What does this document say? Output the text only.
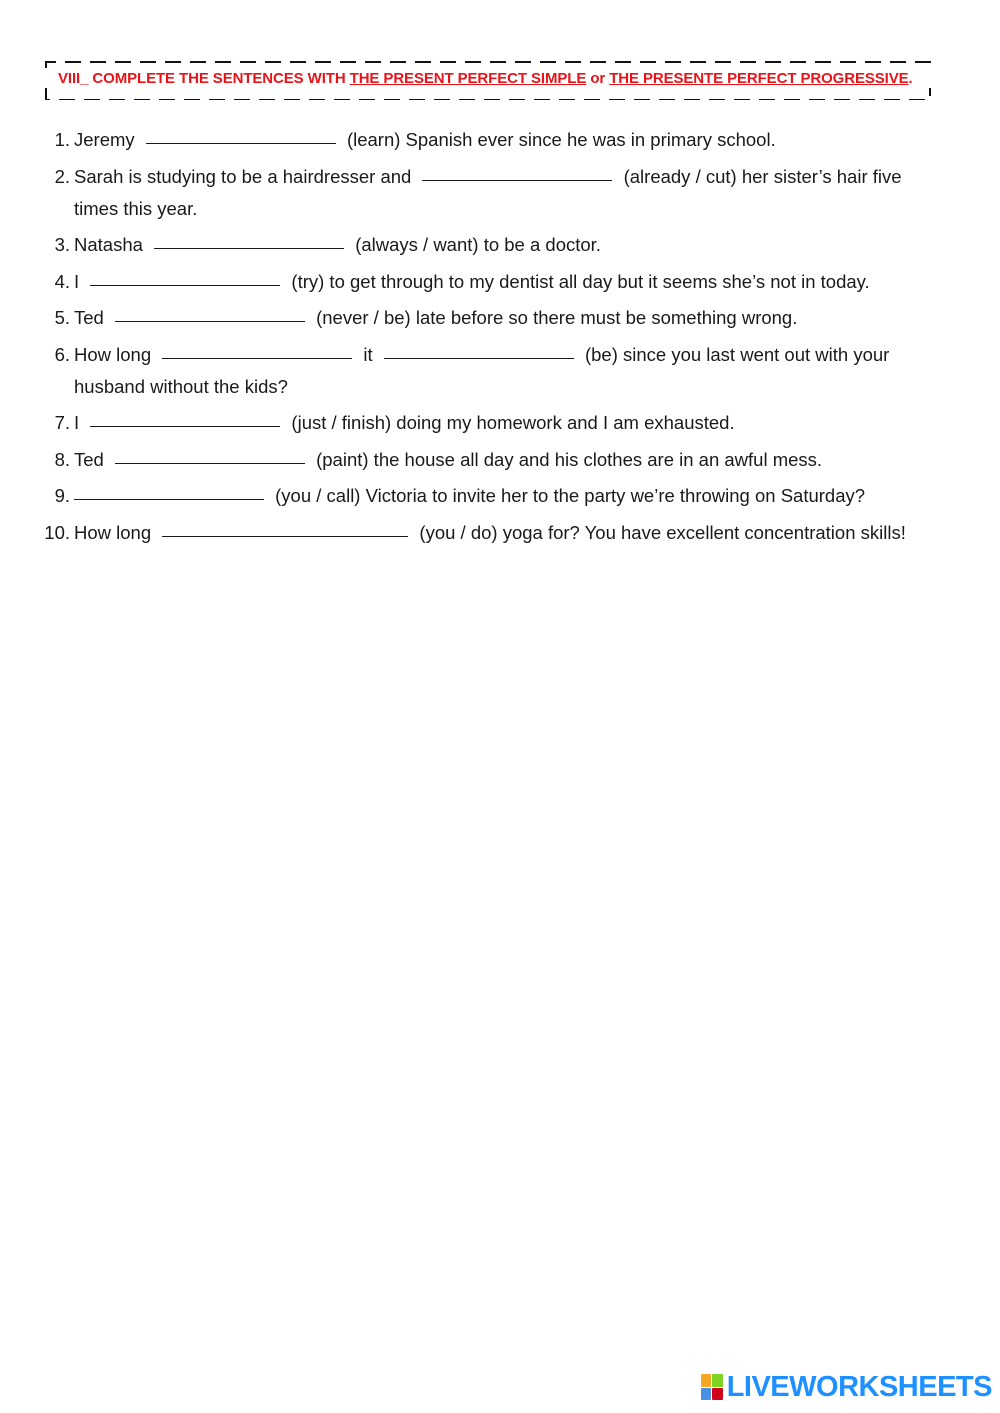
VIII_ COMPLETE THE SENTENCES WITH THE PRESENT PERFECT SIMPLE or THE PRESENTE PERFECT PROGRESSIVE.
1. Jeremy	(learn) Spanish ever since he was in primary school.
2. Sarah is studying to be a hairdresser and	(already / cut) her sister’s hair five
times this year.
3. Natasha	(always / want) to be a doctor.
4. I	(try) to get through to my dentist all day but it seems she’s not in today.
5. Ted	(never / be) late before so there must be something wrong.
6. How long	it	(be) since you last went out with your
husband without the kids?
7. I	(just / finish) doing my homework and I am exhausted.
8. Ted	(paint) the house all day and his clothes are in an awful mess.
9.	(you / call) Victoria to invite her to the party we’re throwing on Saturday?
10. How long	(you / do) yoga for? You have excellent concentration skills!
LIVEWORKSHEETS
